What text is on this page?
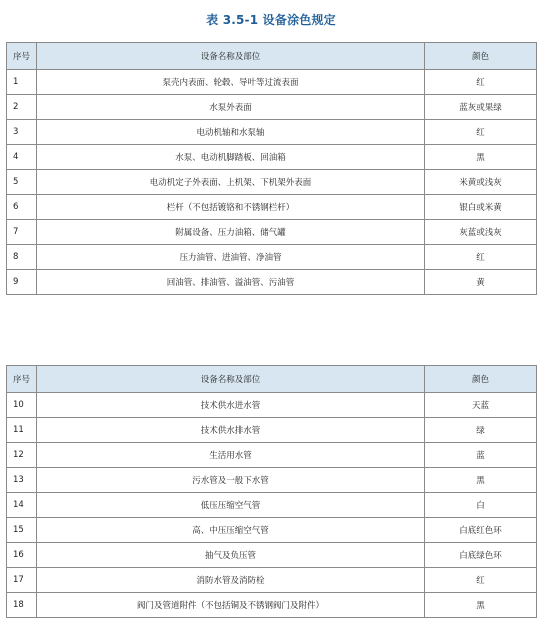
表 3.5-1 设备涂色规定
序号	设备名称及部位	颜色
1	泵壳内表面、轮毂、导叶等过流表面	红
2	水泵外表面	蓝灰或果绿
3	电动机轴和水泵轴	红
4	水泵、电动机脚踏板、回油箱	黑
5	电动机定子外表面、上机架、下机架外表面	米黄或浅灰
6	栏杆（不包括镀铬和不锈钢栏杆）	银白或米黄
7	附属设备、压力油箱、储气罐	灰蓝或浅灰
8	压力油管、进油管、净油管	红
9	回油管、排油管、溢油管、污油管	黄
序号	设备名称及部位	颜色
10	技术供水进水管	天蓝
11	技术供水排水管	绿
12	生活用水管	蓝
13	污水管及一般下水管	黑
14	低压压缩空气管	白
15	高、中压压缩空气管	白底红色环
16	抽气及负压管	白底绿色环
17	消防水管及消防栓	红
18	阀门及管道附件（不包括铜及不锈钢阀门及附件）	黑
